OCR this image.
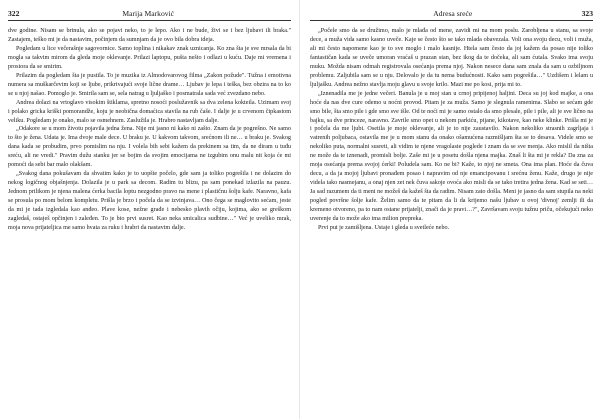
322	Marija Marković

dve godine. Nisam se brinula, ako se pojavi neko, to je lepo. Ako i ne bude, živi se i bez ljubavi ili braka." Zastajem, teško mi je da nastavim, počinjem da sumnjam da je ovo bila dobra ideja.

Pogledam u lice večerašnje sagovornice. Samo toplina i nikakav znak uznicanja. Ko zna šta je sve mrsala da bi mogla sa takvim mirom da gleda moje oklevanje. Prilazi laptopu, pušta nešto i odlazi u kuću. Daje mi vremena i prostora da se smirim.

Prilazim da pogledam šta je pustila. To je muzika iz Almodovarovog filma „Zakon požude". Tužna i emotivna numera sa muškarčevim koji se ljube, prikrivajući svoje lične drame… Ljubav je lepa i teška, bez obzira na to ko se u njoj našao. Pomoglo je. Smirila sam se, sela natrag u ljuljaško i posmatrala sada već zvezdano nebo.

Andrea dolazi na vrtoglavo visokim štiklama, spretno nosoći poslužavnik sa dva zelena kokteila. Uzimam svoj i polako gricka kriški pomorandže, koju je neobična domaćica stavila na rub čaše. I dalje je u crvenom čipkastom veliku. Pogledam je onako, malo se osmehnem. Zaslužila je. Hrabro nastavljam dalje.

„Odakore se u mom životu pojavila jedna žena. Nije mi jasno ni kako ni zašto. Znam da je pogrešno. Ne samo to što je žena. Udata je. Ima dvoje male dece. U braku je. U kakvom takvom, srećnom ili ne… u braku je. Svakog dana kada se probudim, prvo pomislim na nju. I volela bih sebi kažem da prekinem sa tim, da ne diram u tuđu sreću, ali ne vredi." Pravim dužu stanku jer se bojim da svojim emocijama ne izgubim onu malu nit koja će mi pomoći da sebi bar malo olakšam.

„Svakog dana pokušavam da shvatim kako je to uopšte počelo, gde sam ja toliko pogrešila i ne dolazim do nekog logičnog objašnjenja. Dolazila je u park sa decom. Radim tu blizu, pa sam ponekad izlazila na pauzu. Jednom prilikom je njena malena ćerka bacila loptu nezgodno pravo na mene i plastičnu šolju kafe. Naravno, kafa se prosula po mom belom kompletu. Prišla je brzo i počela da se izvinjava… Ono čega se maglovito sećam, jeste da mi je tada izgledala kao anđeo. Plave kose, nežne građe i nebesko plavih očiju, kojima, ako se greškom zagledaš, ostaješ opčinjen i zaleđen. To je bio prvi susret. Kao neka smicalica sudbine…" Već je uveliko mrak, moja nova prijateljica me samo hvata za ruku i hrabri da nastavim dalje.

Adresa sreće	323

„Počele smo da se družimo, malo je mlađa od mene, zavidi mi na mom poslu. Zarobljena u stanu, sa svoje dece, a muža vida samo kasno uveče. Kaje se često što se tako mlada obavezala. Voli ona svoju decu, voli i muža, ali mi često napomene kao je to sve moglo i malo kasnije. Htela sam često da joj kažem da posao nije toliko fantastičan kada se uveče umoran vraćaš u prazan stan, bez ikog da te dočeka, ali sam ćutala. Svako ima svoju muku. Možda nisam odmah registrovala osećanja prema njoj. Nakon nesece dana sam znala da sam u ozbiljnom problemu. Zaljubila sam se u nju. Delovalo je da tu nema budućnosti. Kako sam pogrešila…" Uzdišem i lelam u ljuljašku. Andrea nežno stavlja moju glavu u svoje krilo. Mazi me po kosi, prija mi to.

„Iznenadila me je jedne večeri. Banula je u moj stan u crnoj pripijenoj haljini. Deca su joj kod majke, a ona hoće da nas dve cure odemo u noćni provod. Pitam je za muža. Samo je slegnula ramenima. Slabo se sećam gde smo bile, šta smo pile i gde smo sve išle. Od te noći mi je samo ostalo da smo plesale, pile i pile, ali je sve lično na bajku, sa dve princeze, naravno. Zavrile smo opet u nekom parkiću, pijane, kikotave, kao neke klinke. Prišla mi je i počela da me ljubi. Osetila je moje oklevanje, ali je to nije zaustavilo. Nakon nekoliko strasnih zagrljaja i vatrenih poljubaca, ostavila me je u mom stanu da onako ošamućena razmišljam šta se to desava. Videle smo se nekoliko puta, normalni susreti, ali vidim te njene vragolaste poglede i znam da se sve menja. Ako mislil da ništa ne može da te iznenadi, promisli bolje. Zaše mi je u posetu došla njena majka. Znaš li šta mi je rekla? Da zna za moja osećanja prema svojoj ćerki! Poludela sam. Ko ne bi? Kaže, to njoj ne smeta. Ona ima plan. Hoće da čuva decu, a da ja mojoj ljubavi pronađem posao i napravim od nje emancipovanu i srećnu ženu. Kaže, drugo je nije videla tako nasmejanu, a onaj njen zet nek čuva sakoje ovoća ako misli da se tako tretira jedna žena. Kad se seti… Ja sad razumem da ti meni ne možeš da kažeš šta da radim. Nisam zato došla. Meni je jasno da sam stupila na neki pogled površne šolje kafe. Želim samo da te pitam da li da krijemo našu ljubav u ovoj 'divnoj' zemlji ili da kremeno otvoreno, pa to nam ostane prijatelji, znači da je pravi…?", Završavam svoju tužnu priču, očekujući neko uverenje da to može ako ima milion prepreka.

Prvi put je zamišljena. Ustaje i gleda u svetleće nebo.
